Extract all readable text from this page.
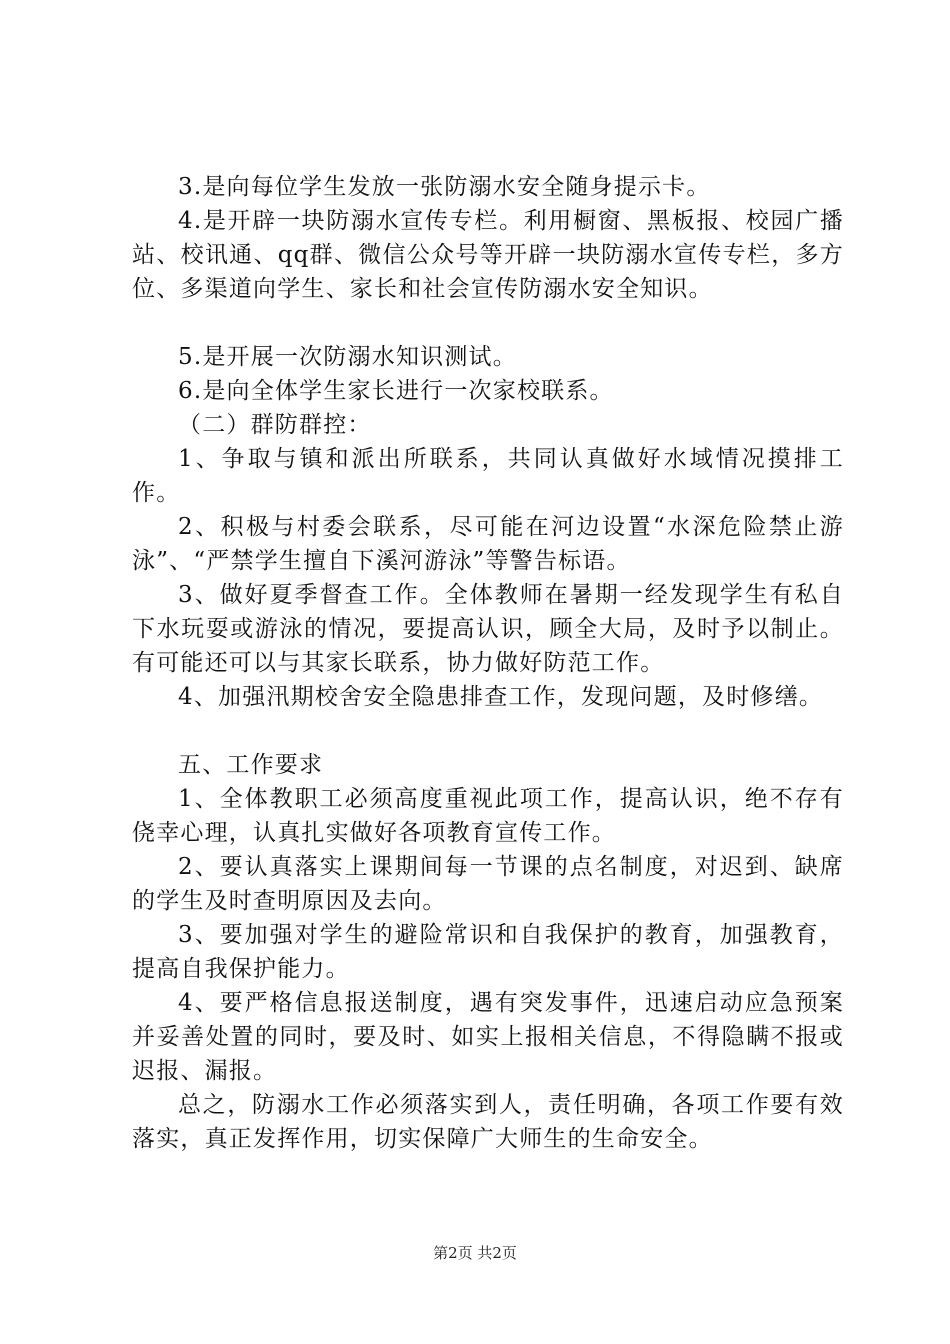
3.是向每位学生发放一张防溺水安全随身提示卡。

4.是开辟一块防溺水宣传专栏。利用橱窗、黑板报、校园广播站、校讯通、qq群、微信公众号等开辟一块防溺水宣传专栏，多方位、多渠道向学生、家长和社会宣传防溺水安全知识。

5.是开展一次防溺水知识测试。

6.是向全体学生家长进行一次家校联系。

（二）群防群控：

1、争取与镇和派出所联系，共同认真做好水域情况摸排工作。

2、积极与村委会联系，尽可能在河边设置“水深危险禁止游泳”、“严禁学生擅自下溪河游泳”等警告标语。

3、做好夏季督查工作。全体教师在暑期一经发现学生有私自下水玩耍或游泳的情况，要提高认识，顾全大局，及时予以制止。有可能还可以与其家长联系，协力做好防范工作。

4、加强汛期校舍安全隐患排查工作，发现问题，及时修缮。

五、工作要求

1、全体教职工必须高度重视此项工作，提高认识，绝不存有侥幸心理，认真扎实做好各项教育宣传工作。

2、要认真落实上课期间每一节课的点名制度，对迟到、缺席的学生及时查明原因及去向。

3、要加强对学生的避险常识和自我保护的教育，加强教育，提高自我保护能力。

4、要严格信息报送制度，遇有突发事件，迅速启动应急预案并妥善处置的同时，要及时、如实上报相关信息，不得隐瞒不报或迟报、漏报。

总之，防溺水工作必须落实到人，责任明确，各项工作要有效落实，真正发挥作用，切实保障广大师生的生命安全。

第2页 共2页
